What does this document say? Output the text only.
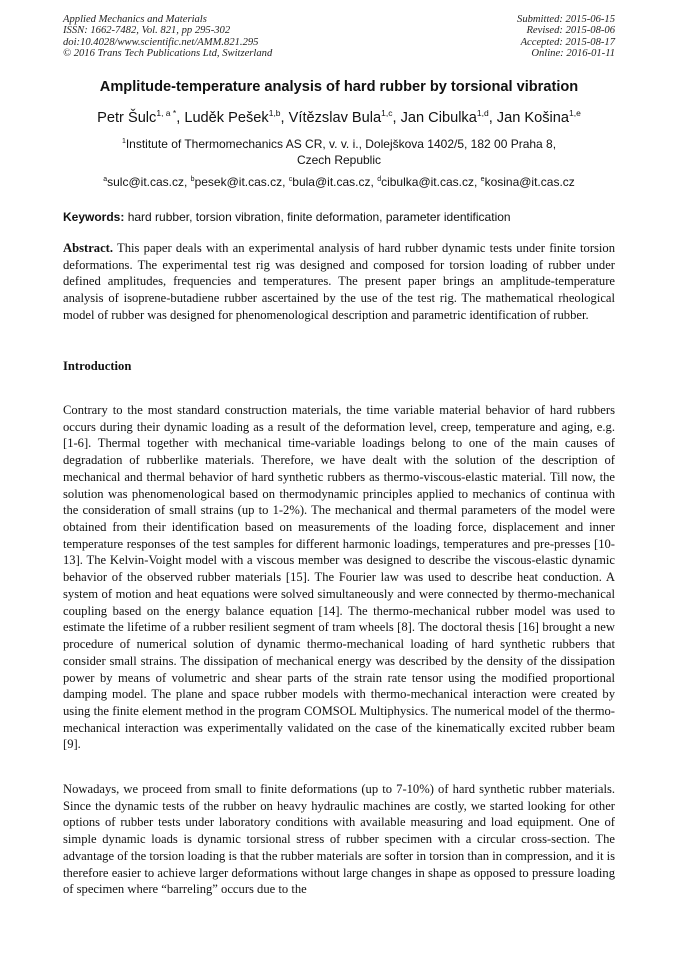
Applied Mechanics and Materials
ISSN: 1662-7482, Vol. 821, pp 295-302
doi:10.4028/www.scientific.net/AMM.821.295
© 2016 Trans Tech Publications Ltd, Switzerland
Submitted: 2015-06-15
Revised: 2015-08-06
Accepted: 2015-08-17
Online: 2016-01-11
Amplitude-temperature analysis of hard rubber by torsional vibration
Petr Šulc$^{1, a *}$, Luděk Pešek$^{1,b}$, Vítězslav Bula$^{1,c}$, Jan Cibulka$^{1,d}$, Jan Košina$^{1,e}$
$^1$Institute of Thermomechanics AS CR, v. v. i., Dolejškova 1402/5, 182 00 Praha 8,
Czech Republic
$^a$sulc@it.cas.cz, $^b$pesek@it.cas.cz, $^c$bula@it.cas.cz, $^d$cibulka@it.cas.cz, $^e$kosina@it.cas.cz
Keywords: hard rubber, torsion vibration, finite deformation, parameter identification
Abstract. This paper deals with an experimental analysis of hard rubber dynamic tests under finite torsion deformations. The experimental test rig was designed and composed for torsion loading of rubber under defined amplitudes, frequencies and temperatures. The present paper brings an amplitude-temperature analysis of isoprene-butadiene rubber ascertained by the use of the test rig. The mathematical rheological model of rubber was designed for phenomenological description and parametric identification of rubber.
Introduction
Contrary to the most standard construction materials, the time variable material behavior of hard rubbers occurs during their dynamic loading as a result of the deformation level, creep, temperature and aging, e.g. [1-6]. Thermal together with mechanical time-variable loadings belong to one of the main causes of degradation of rubberlike materials. Therefore, we have dealt with the solution of the description of mechanical and thermal behavior of hard synthetic rubbers as thermo-viscous-elastic material. Till now, the solution was phenomenological based on thermodynamic principles applied to mechanics of continua with the consideration of small strains (up to 1-2%). The mechanical and thermal parameters of the model were obtained from their identification based on measurements of the loading force, displacement and inner temperature responses of the test samples for different harmonic loadings, temperatures and pre-presses [10-13]. The Kelvin-Voight model with a viscous member was designed to describe the viscous-elastic dynamic behavior of the observed rubber materials [15]. The Fourier law was used to describe heat conduction. A system of motion and heat equations were solved simultaneously and were connected by thermo-mechanical coupling based on the energy balance equation [14]. The thermo-mechanical rubber model was used to estimate the lifetime of a rubber resilient segment of tram wheels [8]. The doctoral thesis [16] brought a new procedure of numerical solution of dynamic thermo-mechanical loading of hard synthetic rubbers that consider small strains. The dissipation of mechanical energy was described by the density of the dissipation power by means of volumetric and shear parts of the strain rate tensor using the modified proportional damping model. The plane and space rubber models with thermo-mechanical interaction were created by using the finite element method in the program COMSOL Multiphysics. The numerical model of the thermo-mechanical interaction was experimentally validated on the case of the kinematically excited rubber beam [9].
Nowadays, we proceed from small to finite deformations (up to 7-10%) of hard synthetic rubber materials. Since the dynamic tests of the rubber on heavy hydraulic machines are costly, we started looking for other options of rubber tests under laboratory conditions with available measuring and load equipment. One of simple dynamic loads is dynamic torsional stress of rubber specimen with a circular cross-section. The advantage of the torsion loading is that the rubber materials are softer in torsion than in compression, and it is therefore easier to achieve larger deformations without large changes in shape as opposed to pressure loading of specimen where “barreling” occurs due to the
